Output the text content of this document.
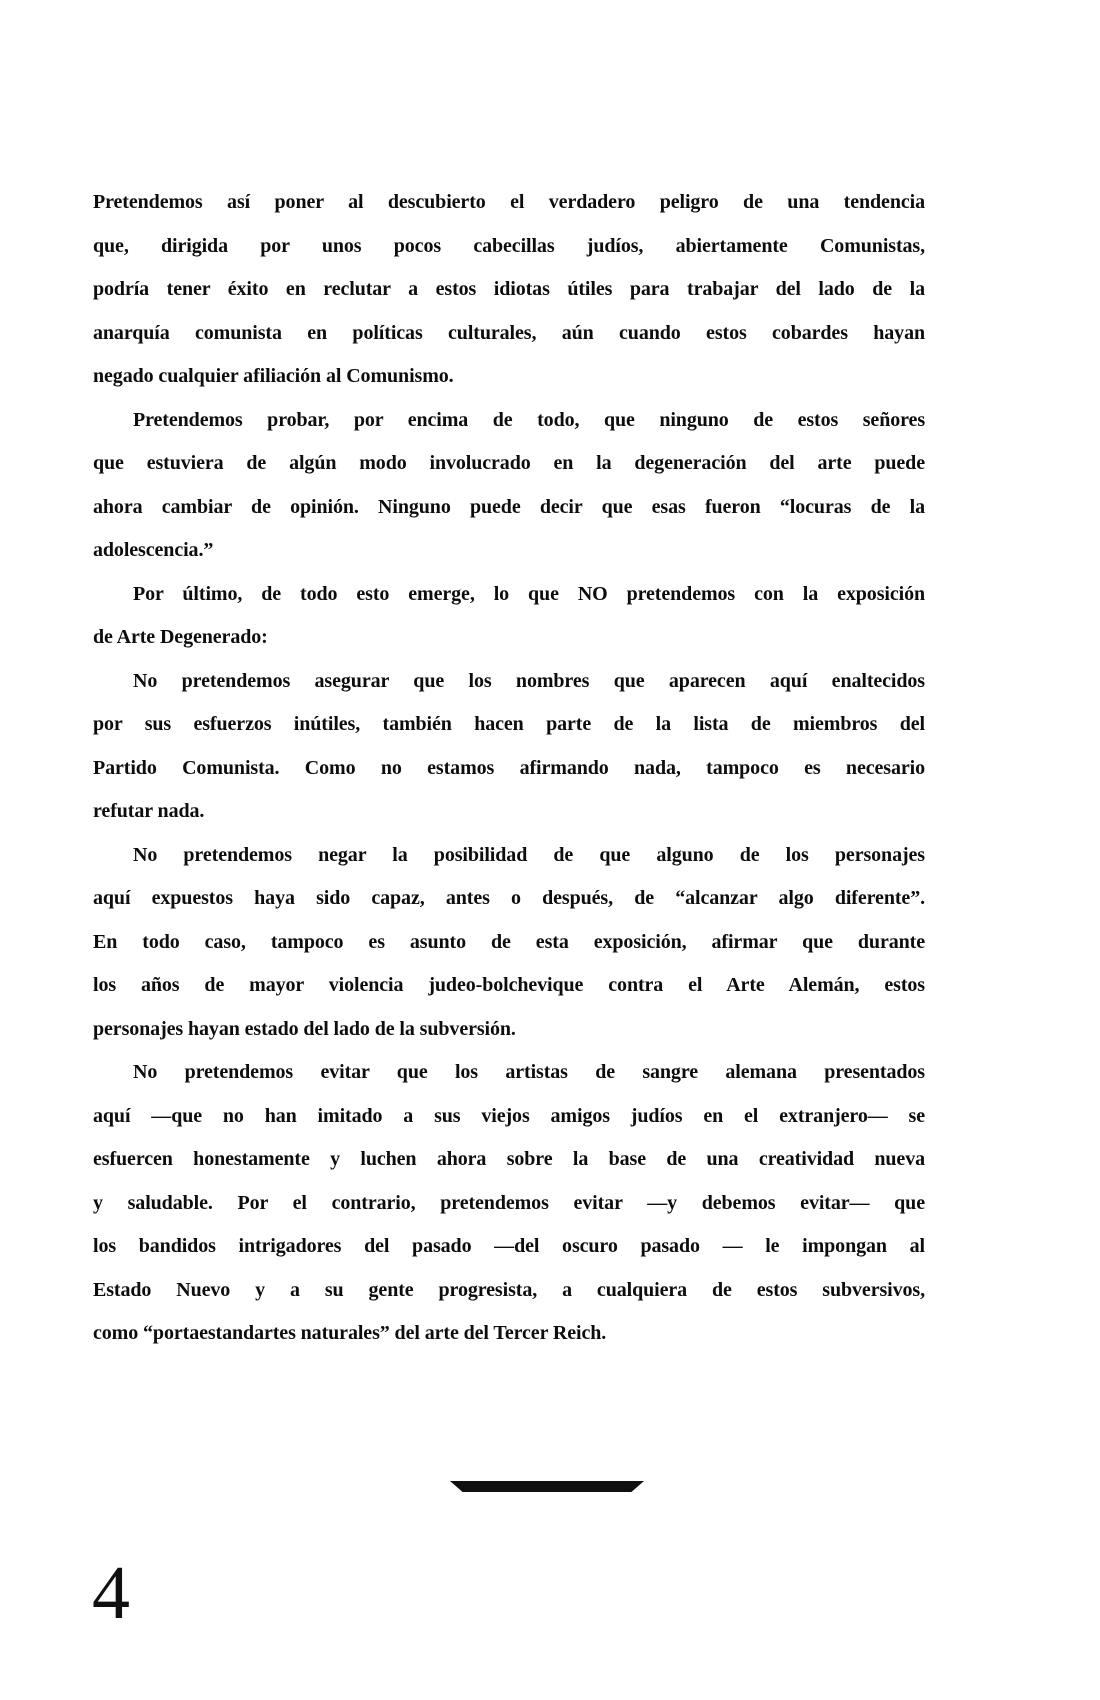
Pretendemos así poner al descubierto el verdadero peligro de una tendencia
que, dirigida por unos pocos cabecillas judíos, abiertamente Comunistas,
podría tener éxito en reclutar a estos idiotas útiles para trabajar del lado de la
anarquía comunista en políticas culturales, aún cuando estos cobardes hayan
negado cualquier afiliación al Comunismo.
Pretendemos probar, por encima de todo, que ninguno de estos señores
que estuviera de algún modo involucrado en la degeneración del arte puede
ahora cambiar de opinión. Ninguno puede decir que esas fueron “locuras de la
adolescencia.”
Por último, de todo esto emerge, lo que NO pretendemos con la exposición
de Arte Degenerado:
No pretendemos asegurar que los nombres que aparecen aquí enaltecidos
por sus esfuerzos inútiles, también hacen parte de la lista de miembros del
Partido Comunista. Como no estamos afirmando nada, tampoco es necesario
refutar nada.
No pretendemos negar la posibilidad de que alguno de los personajes
aquí expuestos haya sido capaz, antes o después, de “alcanzar algo diferente”.
En todo caso, tampoco es asunto de esta exposición, afirmar que durante
los años de mayor violencia judeo-bolchevique contra el Arte Alemán, estos
personajes hayan estado del lado de la subversión.
No pretendemos evitar que los artistas de sangre alemana presentados
aquí —que no han imitado a sus viejos amigos judíos en el extranjero— se
esfuercen honestamente y luchen ahora sobre la base de una creatividad nueva
y saludable. Por el contrario, pretendemos evitar —y debemos evitar— que
los bandidos intrigadores del pasado —del oscuro pasado — le impongan al
Estado Nuevo y a su gente progresista, a cualquiera de estos subversivos,
como “portaestandartes naturales” del arte del Tercer Reich.
4
